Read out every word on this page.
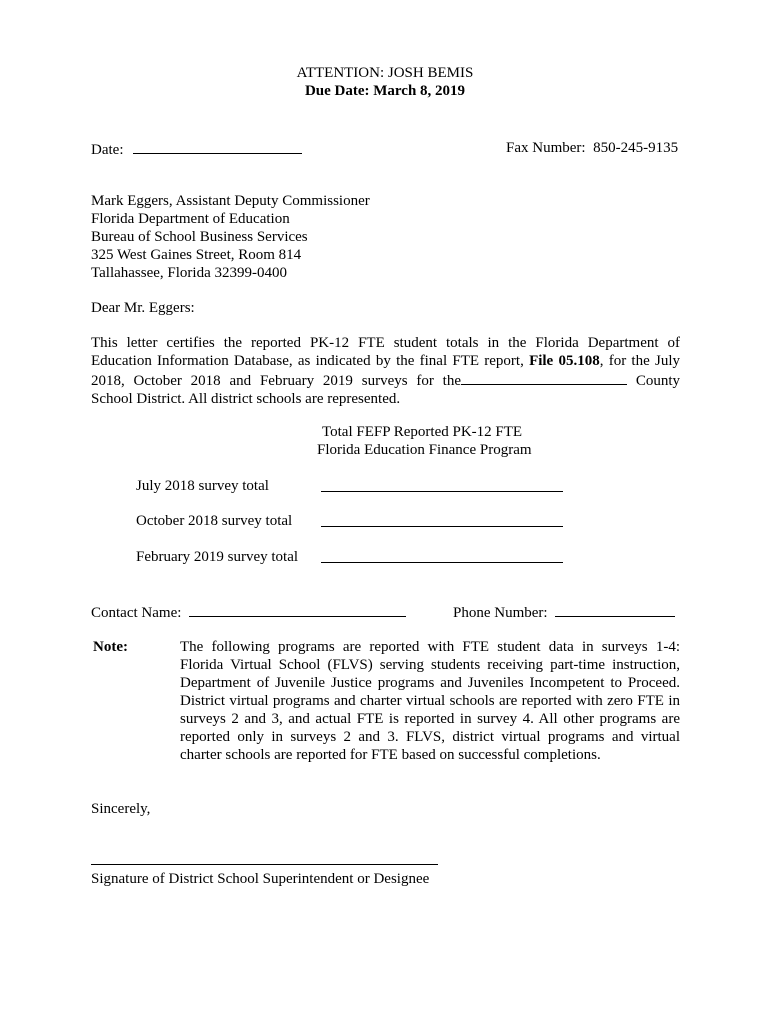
ATTENTION: JOSH BEMIS
Due Date: March 8, 2019
Date:	Fax Number: 850-245-9135
Mark Eggers, Assistant Deputy Commissioner
Florida Department of Education
Bureau of School Business Services
325 West Gaines Street, Room 814
Tallahassee, Florida 32399-0400
Dear Mr. Eggers:

This letter certifies the reported PK-12 FTE student totals in the Florida Department of

Education Information Database, as indicated by the final FTE report, File 05.108, for the July

2018, October 2018 and February 2019 surveys for the	County

School District. All district schools are represented.

Total FEFP Reported PK-12 FTE
Florida Education Finance Program
July 2018 survey total
October 2018 survey total
February 2019 survey total
Contact Name:	Phone Number:
Note:	The following programs are reported with FTE student data in surveys 1-4:

Florida Virtual School (FLVS) serving students receiving part-time instruction,

Department of Juvenile Justice programs and Juveniles Incompetent to Proceed.

District virtual programs and charter virtual schools are reported with zero FTE in

surveys 2 and 3, and actual FTE is reported in survey 4. All other programs are

reported only in surveys 2 and 3. FLVS, district virtual programs and virtual

charter schools are reported for FTE based on successful completions.

Sincerely,
Signature of District School Superintendent or Designee
